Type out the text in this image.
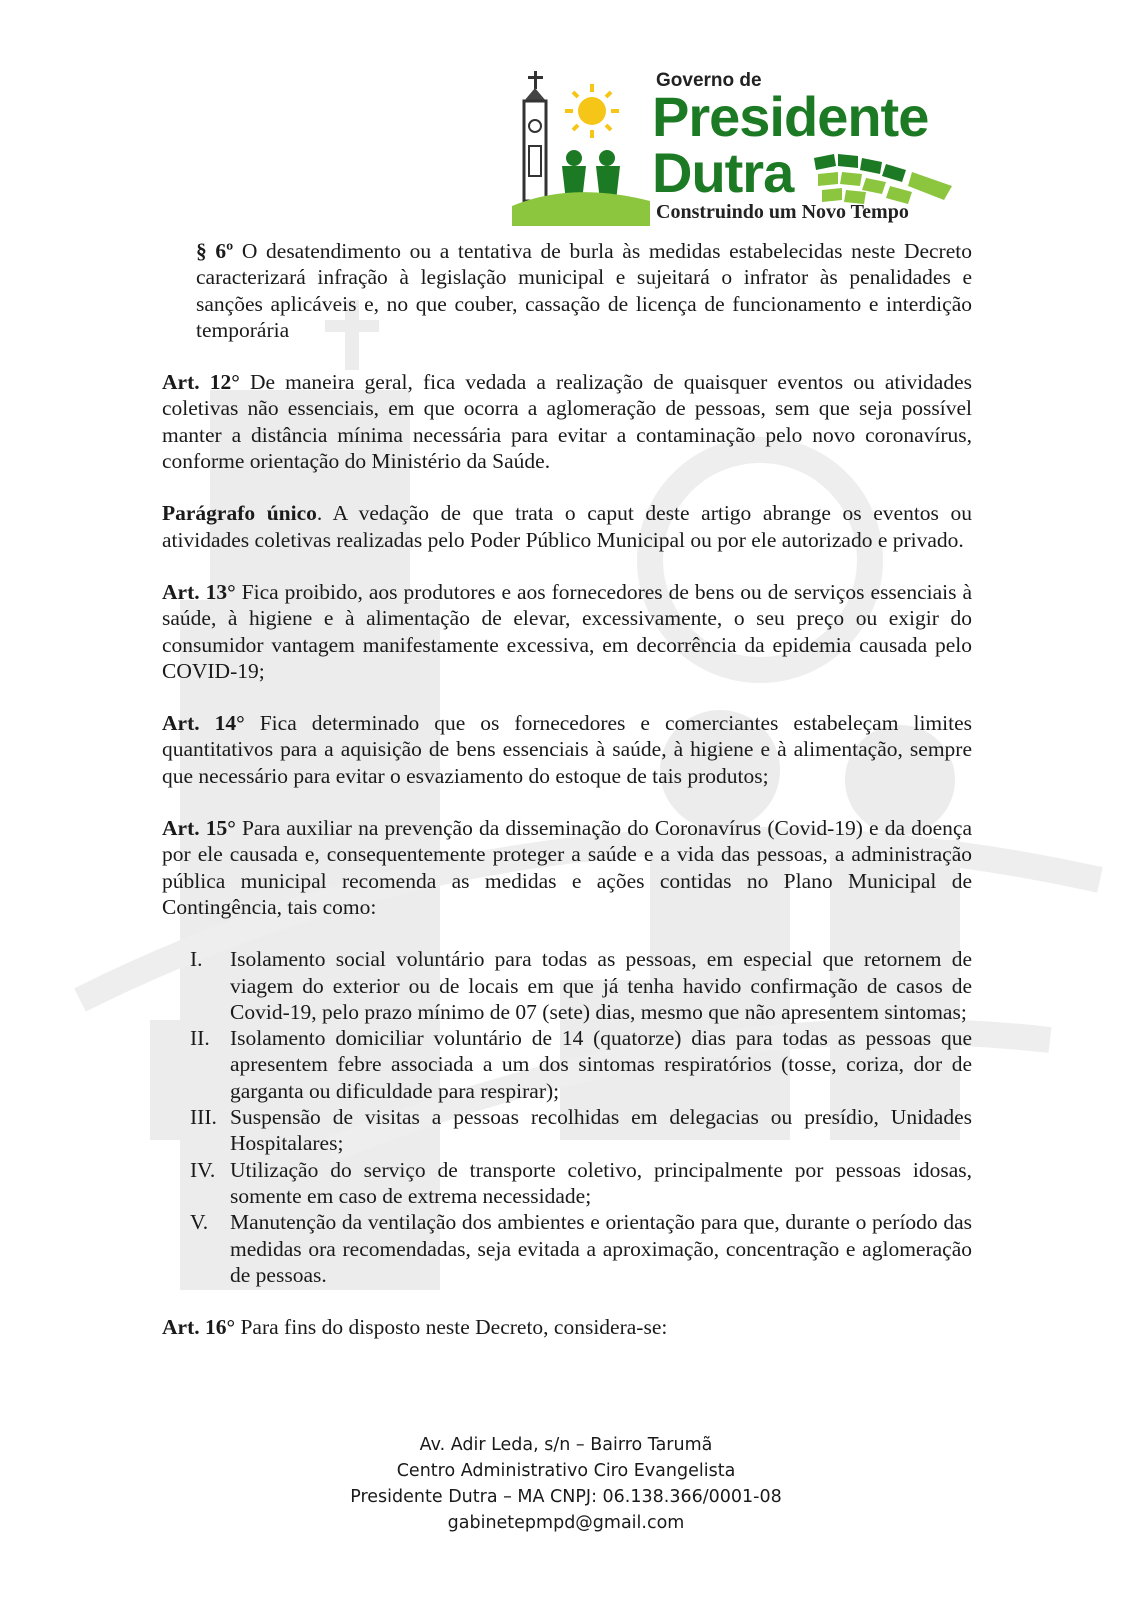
Governo de
Presidente
Dutra
Construindo um Novo Tempo

§ 6º O desatendimento ou a tentativa de burla às medidas estabelecidas neste Decreto caracterizará infração à legislação municipal e sujeitará o infrator às penalidades e sanções aplicáveis e, no que couber, cassação de licença de funcionamento e interdição temporária

Art. 12° De maneira geral, fica vedada a realização de quaisquer eventos ou atividades coletivas não essenciais, em que ocorra a aglomeração de pessoas, sem que seja possível manter a distância mínima necessária para evitar a contaminação pelo novo coronavírus, conforme orientação do Ministério da Saúde.

Parágrafo único. A vedação de que trata o caput deste artigo abrange os eventos ou atividades coletivas realizadas pelo Poder Público Municipal ou por ele autorizado e privado.

Art. 13° Fica proibido, aos produtores e aos fornecedores de bens ou de serviços essenciais à saúde, à higiene e à alimentação de elevar, excessivamente, o seu preço ou exigir do consumidor vantagem manifestamente excessiva, em decorrência da epidemia causada pelo COVID-19;

Art. 14° Fica determinado que os fornecedores e comerciantes estabeleçam limites quantitativos para a aquisição de bens essenciais à saúde, à higiene e à alimentação, sempre que necessário para evitar o esvaziamento do estoque de tais produtos;

Art. 15° Para auxiliar na prevenção da disseminação do Coronavírus (Covid-19) e da doença por ele causada e, consequentemente proteger a saúde e a vida das pessoas, a administração pública municipal recomenda as medidas e ações contidas no Plano Municipal de Contingência, tais como:

I.	Isolamento social voluntário para todas as pessoas, em especial que retornem de viagem do exterior ou de locais em que já tenha havido confirmação de casos de Covid-19, pelo prazo mínimo de 07 (sete) dias, mesmo que não apresentem sintomas;
II. Isolamento domiciliar voluntário de 14 (quatorze) dias para todas as pessoas que apresentem febre associada a um dos sintomas respiratórios (tosse, coriza, dor de garganta ou dificuldade para respirar);
III. Suspensão de visitas a pessoas recolhidas em delegacias ou presídio, Unidades Hospitalares;
IV. Utilização do serviço de transporte coletivo, principalmente por pessoas idosas, somente em caso de extrema necessidade;
V.	Manutenção da ventilação dos ambientes e orientação para que, durante o período das medidas ora recomendadas, seja evitada a aproximação, concentração e aglomeração de pessoas.

Art. 16° Para fins do disposto neste Decreto, considera-se:

Av. Adir Leda, s/n – Bairro Tarumã
Centro Administrativo Ciro Evangelista
Presidente Dutra – MA CNPJ: 06.138.366/0001-08
gabinetepmpd@gmail.com
